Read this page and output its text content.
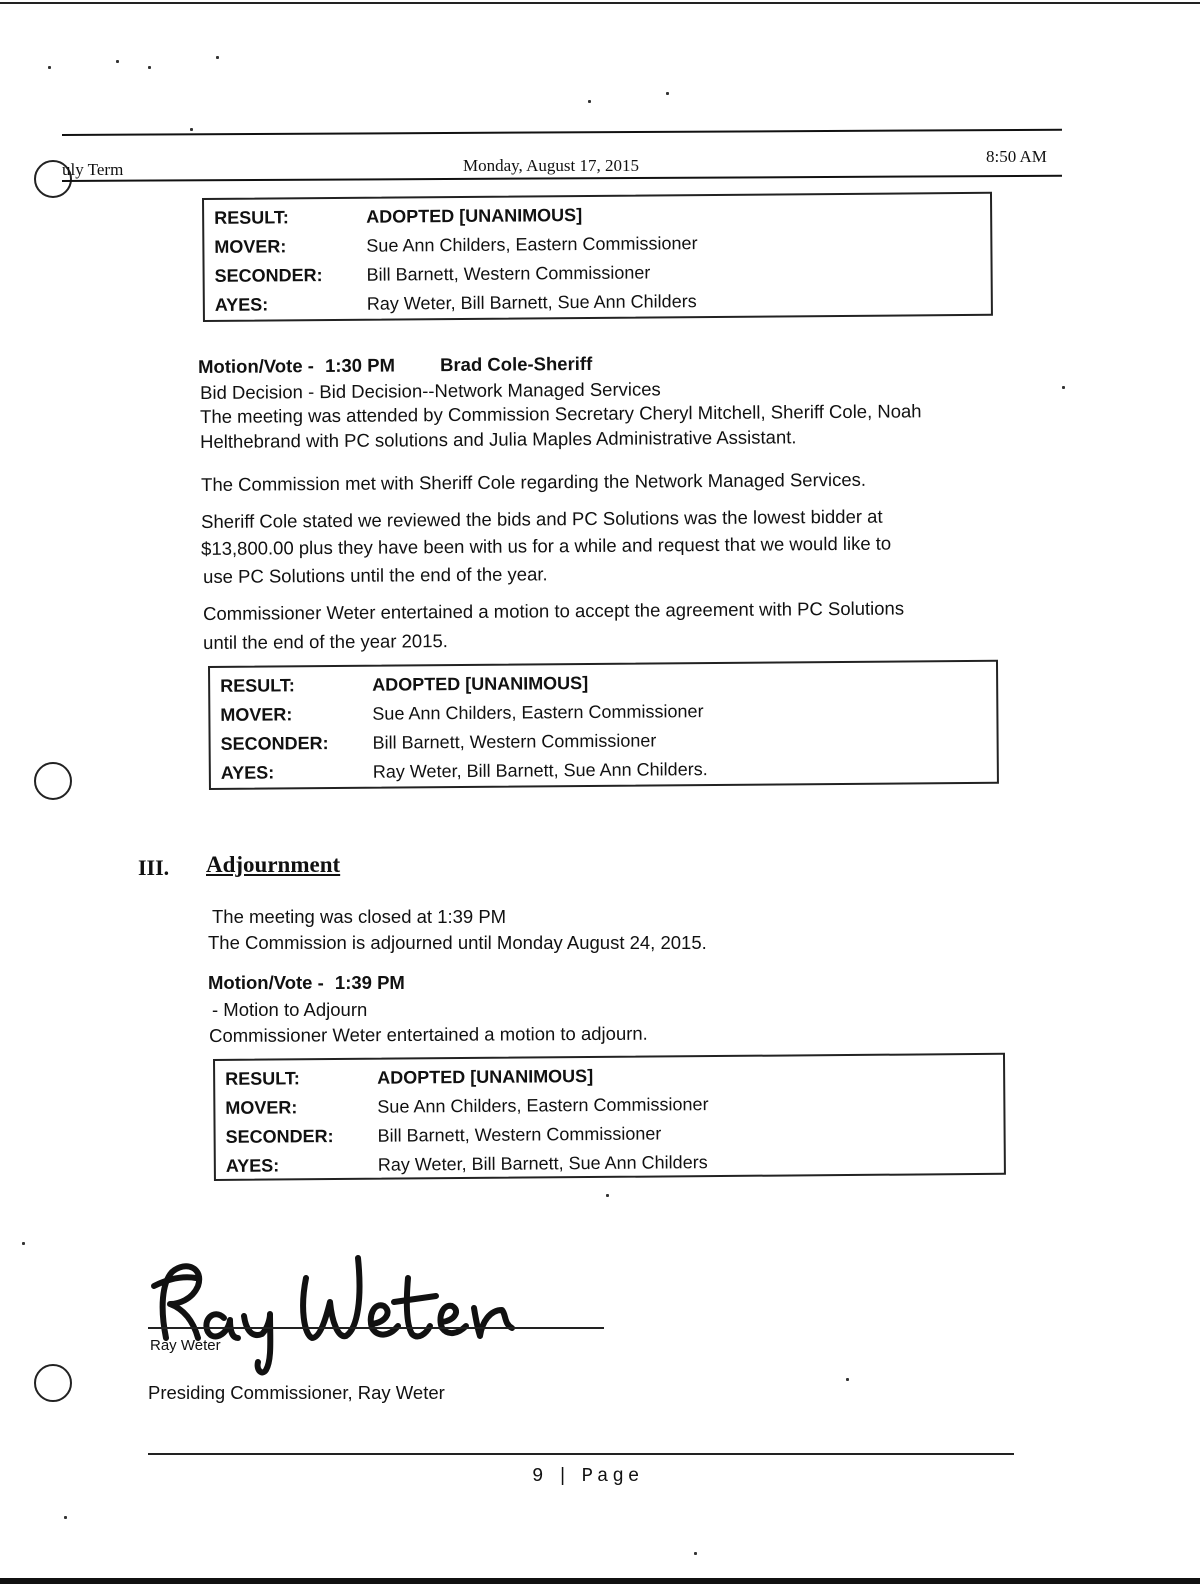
uly Term	Monday, August 17, 2015	8:50 AM
RESULT:	ADOPTED [UNANIMOUS]
MOVER:	Sue Ann Childers, Eastern Commissioner
SECONDER:	Bill Barnett, Western Commissioner
AYES:	Ray Weter, Bill Barnett, Sue Ann Childers
Motion/Vote - 1:30 PM Brad Cole-Sheriff
Bid Decision - Bid Decision--Network Managed Services
The meeting was attended by Commission Secretary Cheryl Mitchell, Sheriff Cole, Noah
Helthebrand with PC solutions and Julia Maples Administrative Assistant.
The Commission met with Sheriff Cole regarding the Network Managed Services.
Sheriff Cole stated we reviewed the bids and PC Solutions was the lowest bidder at
$13,800.00 plus they have been with us for a while and request that we would like to
use PC Solutions until the end of the year.
Commissioner Weter entertained a motion to accept the agreement with PC Solutions
until the end of the year 2015.
RESULT:	ADOPTED [UNANIMOUS]
MOVER:	Sue Ann Childers, Eastern Commissioner
SECONDER:	Bill Barnett, Western Commissioner
AYES:	Ray Weter, Bill Barnett, Sue Ann Childers.
III. Adjournment
The meeting was closed at 1:39 PM
The Commission is adjourned until Monday August 24, 2015.
Motion/Vote - 1:39 PM
- Motion to Adjourn
Commissioner Weter entertained a motion to adjourn.
RESULT:	ADOPTED [UNANIMOUS]
MOVER:	Sue Ann Childers, Eastern Commissioner
SECONDER:	Bill Barnett, Western Commissioner
AYES:	Ray Weter, Bill Barnett, Sue Ann Childers
Ray Weter
Presiding Commissioner, Ray Weter
9 | Page
